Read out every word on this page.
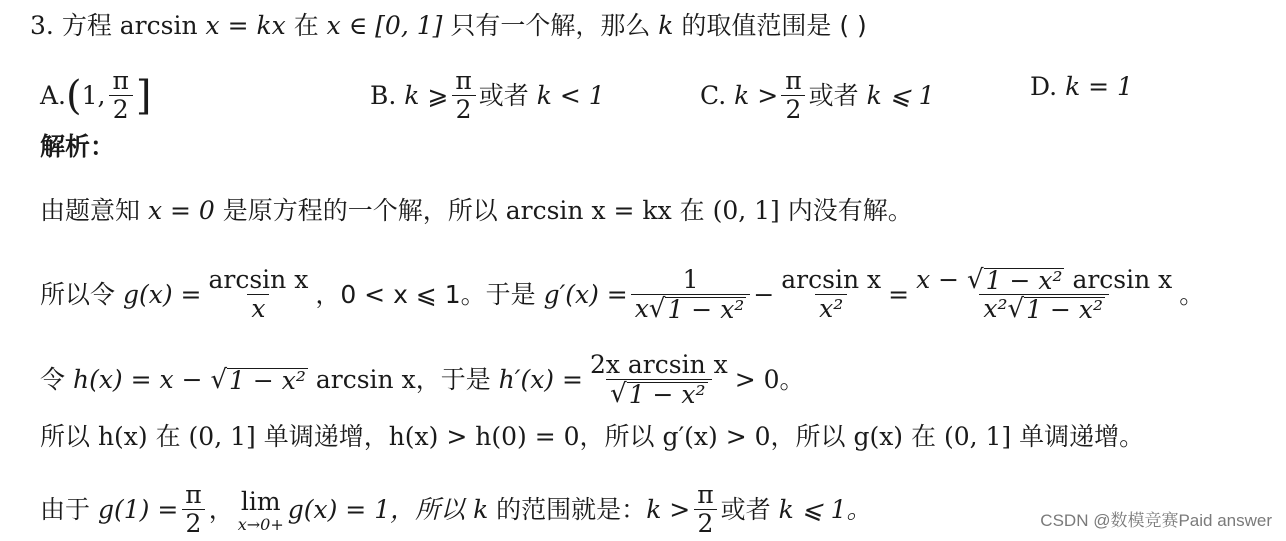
3.
方程
arcsin
x = kx
在
x ∈ [0, 1]
只有一个解，那么
k
的取值范围是 ( )
A. ( 1, $\frac{\pi}{2}$ ]	B.
k ⩾ $\frac{\pi}{2}$ 或者
k < 1	C.
$k > \frac{\pi}{2}$ 或者
k ⩽ 1	D.
k = 1
解析：
由题意知
x = 0
是原方程的一个解，所以
arcsin x = kx
在
(0, 1]
内没有解。
所以令
$g(x) = \frac{\text{arcsin x}}{x}$ ，0 < x ⩽ 1。于是
$g'(x) = \frac{1}{\text{x √ 1 − x²}} - \frac{\text{arcsin x}}{\text{x²}} = \frac{\text{x − √ 1 − x² arcsin x}}{\text{x² √ 1 − x²}}$ 。
令
h(x) = x −
√ 1 − x²
arcsin x，于是
$h'(x) = \frac{\text{2x arcsin x}}{\text{√ 1 − x²}} > 0$。
所以 h(x) 在 (0, 1] 单调递增，h(x) > h(0) = 0，所以 g′(x) > 0，所以 g(x) 在 (0, 1] 单调递增。
由于
$g(1) = \frac{\pi}{2}$ ， lim
x→0+
g(x) = 1，所以
k
的范围就是： $k > \frac{\pi}{2}$ 或者
k ⩽ 1。	CSDN @数模竞赛Paid answer
